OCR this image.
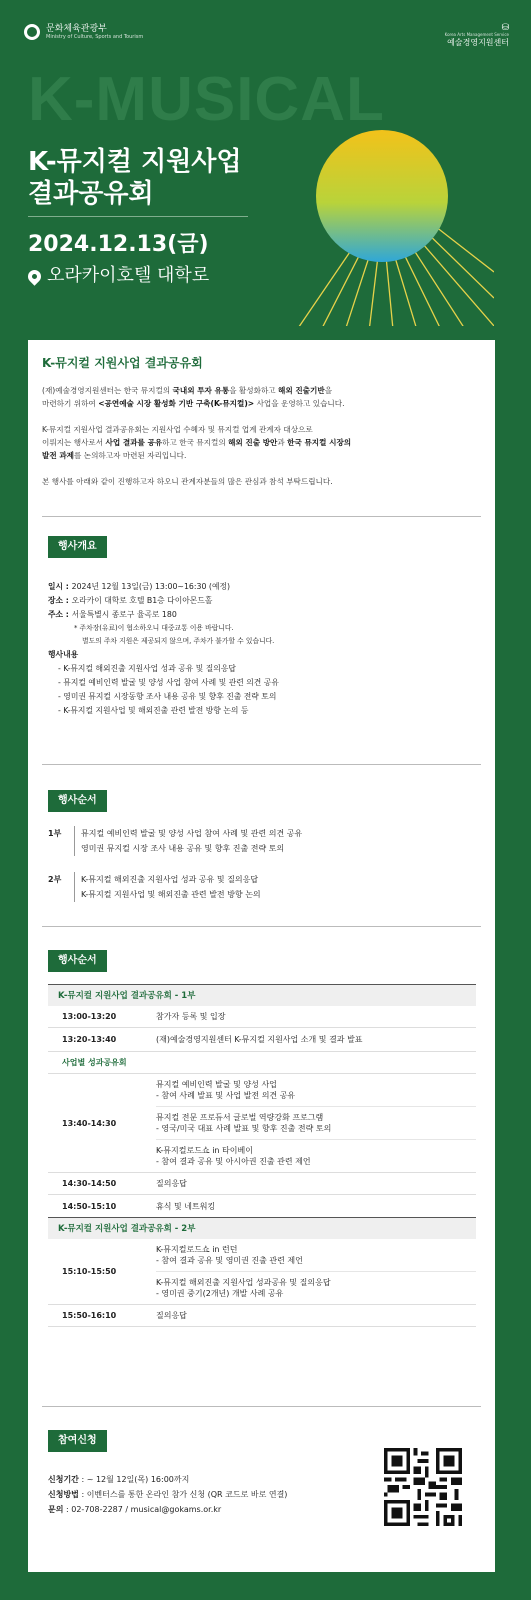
문화체육관광부
Ministry of Culture, Sports and Tourism
⛁
Korea Arts Management Service
예술경영지원센터
K-MUSICAL
K-뮤지컬 지원사업
결과공유회
2024.12.13(금)
오라카이호텔 대학로
K-뮤지컬 지원사업 결과공유회

(재)예술경영지원센터는 한국 뮤지컬의 국내외 투자 유통을 활성화하고 해외 진출기반을
마련하기 위하여 <공연예술 시장 활성화 기반 구축(K-뮤지컬)> 사업을 운영하고 있습니다.

K-뮤지컬 지원사업 결과공유회는 지원사업 수혜자 및 뮤지컬 업계 관계자 대상으로
이뤄지는 행사로서 사업 결과를 공유하고 한국 뮤지컬의 해외 진출 방안과 한국 뮤지컬 시장의
발전 과제를 논의하고자 마련된 자리입니다.

본 행사를 아래와 같이 진행하고자 하오니 관계자분들의 많은 관심과 참석 부탁드립니다.

행사개요
일시 : 2024년 12월 13일(금) 13:00~16:30 (예정)
장소 : 오라카이 대학로 호텔 B1층 다이아몬드홀
주소 : 서울특별시 종로구 율곡로 180
* 주차장(유료)이 협소하오니 대중교통 이용 바랍니다.
별도의 주차 지원은 제공되지 않으며, 주차가 불가할 수 있습니다.
행사내용
- K-뮤지컬 해외진출 지원사업 성과 공유 및 질의응답
- 뮤지컬 예비인력 발굴 및 양성 사업 참여 사례 및 관련 의견 공유
- 영미권 뮤지컬 시장동향 조사 내용 공유 및 향후 진출 전략 토의
- K-뮤지컬 지원사업 및 해외진출 관련 발전 방향 논의 등
행사순서
1부 뮤지컬 예비인력 발굴 및 양성 사업 참여 사례 및 관련 의견 공유
영미권 뮤지컬 시장 조사 내용 공유 및 향후 진출 전략 토의
2부 K-뮤지컬 해외진출 지원사업 성과 공유 및 질의응답
K-뮤지컬 지원사업 및 해외진출 관련 발전 방향 논의
행사순서
K-뮤지컬 지원사업 결과공유회 - 1부
13:00-13:20	참가자 등록 및 입장
13:20-13:40	(재)예술경영지원센터 K-뮤지컬 지원사업 소개 및 결과 발표
사업별 성과공유회
13:40-14:30
뮤지컬 예비인력 발굴 및 양성 사업
- 참여 사례 발표 및 사업 발전 의견 공유
뮤지컬 전문 프로듀서 글로벌 역량강화 프로그램
- 영국/미국 대표 사례 발표 및 향후 진출 전략 토의
K-뮤지컬로드쇼 in 타이베이
- 참여 결과 공유 및 아시아권 진출 관련 제언
14:30-14:50	질의응답
14:50-15:10	휴식 및 네트워킹
K-뮤지컬 지원사업 결과공유회 - 2부
15:10-15:50
K-뮤지컬로드쇼 in 런던
- 참여 결과 공유 및 영미권 진출 관련 제언
K-뮤지컬 해외진출 지원사업 성과공유 및 질의응답
- 영미권 중기(2개년) 개발 사례 공유
15:50-16:10	질의응답
참여신청
신청기간 : ~ 12월 12일(목) 16:00까지
신청방법 : 이벤터스를 통한 온라인 참가 신청 (QR 코드로 바로 연결)
문의 : 02-708-2287 / musical@gokams.or.kr
